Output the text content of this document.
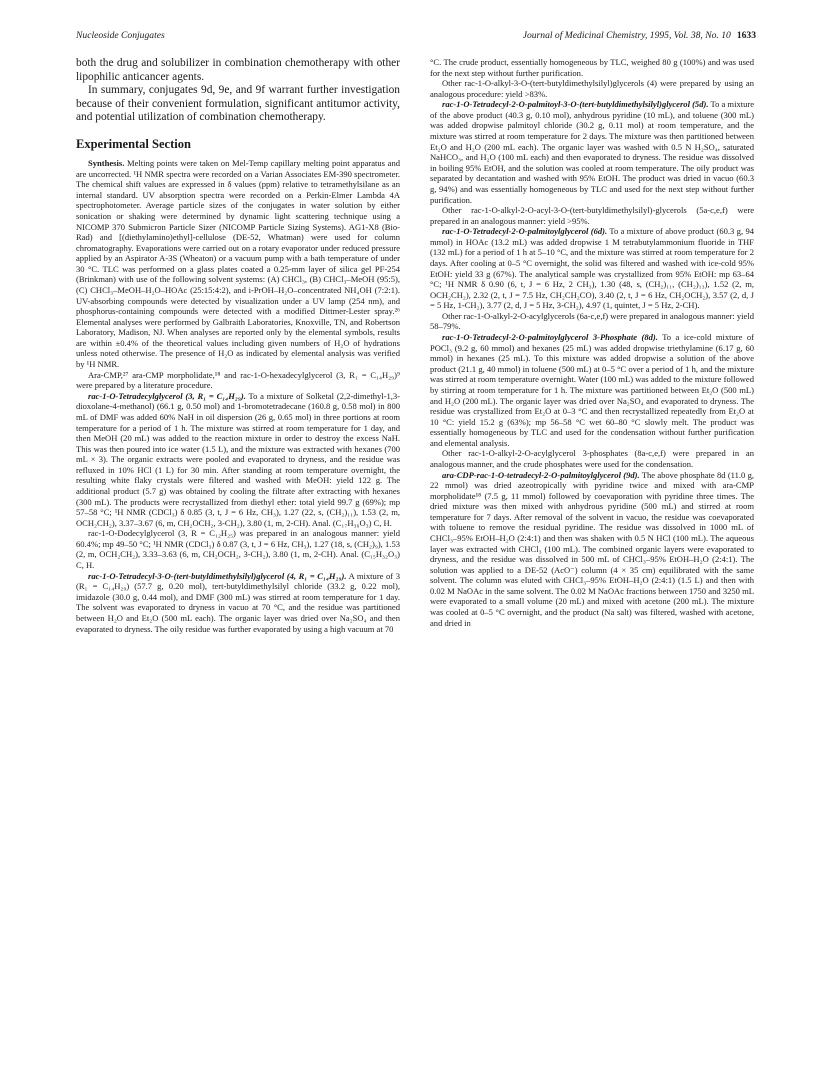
Nucleoside Conjugates	Journal of Medicinal Chemistry, 1995, Vol. 38, No. 10 1633

both the drug and solubilizer in combination chemotherapy with other lipophilic anticancer agents.

In summary, conjugates 9d, 9e, and 9f warrant further investigation because of their convenient formulation, significant antitumor activity, and potential utilization of combination chemotherapy.

Experimental Section

Synthesis. Melting points were taken on Mel-Temp capillary melting point apparatus and are uncorrected. ¹H NMR spectra were recorded on a Varian Associates EM-390 spectrometer. The chemical shift values are expressed in δ values (ppm) relative to tetramethylsilane as an internal standard. UV absorption spectra were recorded on a Perkin-Elmer Lambda 4A spectrophotometer. Average particle sizes of the conjugates in water solution by either sonication or shaking were determined by dynamic light scattering technique using a NICOMP 370 Submicron Particle Sizer (NICOMP Particle Sizing Systems). AG1-X8 (Bio-Rad) and [(diethylamino)ethyl]-cellulose (DE-52, Whatman) were used for column chromatography. Evaporations were carried out on a rotary evaporator under reduced pressure applied by an Aspirator A-3S (Wheaton) or a vacuum pump with a bath temperature of under 30 °C. TLC was performed on a glass plates coated a 0.25-mm layer of silica gel PF-254 (Brinkman) with use of the following solvent systems: (A) CHCl₃, (B) CHCl₃–MeOH (95:5), (C) CHCl₃–MeOH–H₂O–HOAc (25:15:4:2), and i-PrOH–H₂O–concentrated NH₄OH (7:2:1). UV-absorbing compounds were detected by visualization under a UV lamp (254 nm), and phosphorus-containing compounds were detected with a modified Dittmer-Lester spray.²⁶ Elemental analyses were performed by Galbraith Laboratories, Knoxville, TN, and Robertson Laboratory, Madison, NJ. When analyses are reported only by the elemental symbols, results are within ±0.4% of the theoretical values including given numbers of H₂O of hydrations unless noted otherwise. The presence of H₂O as indicated by elemental analysis was verified by ¹H NMR.

Ara-CMP,²⁷ ara-CMP morpholidate,¹⁸ and rac-1-O-hexadecylglycerol (3, R₁ = C₁₄H₂₉)⁹ were prepared by a literature procedure.

rac-1-O-Tetradecylglycerol (3, R₁ = C₁₄H₂₉). To a mixture of Solketal (2,2-dimethyl-1,3-dioxolane-4-methanol) (66.1 g, 0.50 mol) and 1-bromotetradecane (160.8 g, 0.58 mol) in 800 mL of DMF was added 60% NaH in oil dispersion (26 g, 0.65 mol) in three portions at room temperature for a period of 1 h. The mixture was stirred at room temperature for 1 day, and then MeOH (20 mL) was added to the reaction mixture in order to destroy the excess NaH. This was then poured into ice water (1.5 L), and the mixture was extracted with hexanes (700 mL × 3). The organic extracts were pooled and evaporated to dryness, and the residue was refluxed in 10% HCl (1 L) for 30 min. After standing at room temperature overnight, the resulting white flaky crystals were filtered and washed with MeOH: yield 122 g. The additional product (5.7 g) was obtained by cooling the filtrate after extracting with hexanes (300 mL). The products were recrystallized from diethyl ether: total yield 99.7 g (69%); mp 57–58 °C; ¹H NMR (CDCl₃) δ 0.85 (3, t, J = 6 Hz, CH₃), 1.27 (22, s, (CH₂)₁₁), 1.53 (2, m, OCH₂CH₂), 3.37–3.67 (6, m, CH₂OCH₂, 3-CH₂), 3.80 (1, m, 2-CH). Anal. (C₁₇H₃₆O₃) C, H.

rac-1-O-Dodecylglycerol (3, R = C₁₂H₂₅) was prepared in an analogous manner: yield 60.4%; mp 49–50 °C; ¹H NMR (CDCl₃) δ 0.87 (3, t, J = 6 Hz, CH₃), 1.27 (18, s, (CH₂)₉), 1.53 (2, m, OCH₂CH₂), 3.33–3.63 (6, m, CH₂OCH₂, 3-CH₂), 3.80 (1, m, 2-CH). Anal. (C₁₅H₃₂O₃) C, H.

rac-1-O-Tetradecyl-3-O-(tert-butyldimethylsilyl)glycerol (4, R₁ = C₁₄H₂₉). A mixture of 3 (R₁ = C₁₄H₂₉) (57.7 g, 0.20 mol), tert-butyldimethylsilyl chloride (33.2 g, 0.22 mol), imidazole (30.0 g, 0.44 mol), and DMF (300 mL) was stirred at room temperature for 1 day. The solvent was evaporated to dryness in vacuo at 70 °C, and the residue was partitioned between H₂O and Et₂O (500 mL each). The organic layer was dried over Na₂SO₄ and then evaporated to dryness. The oily residue was further evaporated by using a high vacuum at 70

°C. The crude product, essentially homogeneous by TLC, weighed 80 g (100%) and was used for the next step without further purification.

Other rac-1-O-alkyl-3-O-(tert-butyldimethylsilyl)glycerols (4) were prepared by using an analogous procedure: yield >83%.

rac-1-O-Tetradecyl-2-O-palmitoyl-3-O-(tert-butyldimethylsilyl)glycerol (5d). To a mixture of the above product (40.3 g, 0.10 mol), anhydrous pyridine (10 mL), and toluene (300 mL) was added dropwise palmitoyl chloride (30.2 g, 0.11 mol) at room temperature, and the mixture was stirred at room temperature for 2 days. The mixture was then partitioned between Et₂O and H₂O (200 mL each). The organic layer was washed with 0.5 N H₂SO₄, saturated NaHCO₃, and H₂O (100 mL each) and then evaporated to dryness. The residue was dissolved in boiling 95% EtOH, and the solution was cooled at room temperature. The oily product was separated by decantation and washed with 95% EtOH. The product was dried in vacuo (60.3 g, 94%) and was essentially homogeneous by TLC and used for the next step without further purification.

Other rac-1-O-alkyl-2-O-acyl-3-O-(tert-butyldimethylsilyl)-glycerols (5a-c,e,f) were prepared in an analogous manner: yield >95%.

rac-1-O-Tetradecyl-2-O-palmitoylglycerol (6d). To a mixture of above product (60.3 g, 94 mmol) in HOAc (13.2 mL) was added dropwise 1 M tetrabutylammonium fluoride in THF (132 mL) for a period of 1 h at 5–10 °C, and the mixture was stirred at room temperature for 2 days. After cooling at 0–5 °C overnight, the solid was filtered and washed with ice-cold 95% EtOH: yield 33 g (67%). The analytical sample was crystallized from 95% EtOH: mp 63–64 °C; ¹H NMR δ 0.90 (6, t, J = 6 Hz, 2 CH₃), 1.30 (48, s, (CH₂)₁₁, (CH₂)₁₃), 1.52 (2, m, OCH₂CH₂), 2.32 (2, t, J = 7.5 Hz, CH₂CH₂CO), 3.40 (2, t, J = 6 Hz, CH₂OCH₂), 3.57 (2, d, J = 5 Hz, 1-CH₂), 3.77 (2, d, J = 5 Hz, 3-CH₂), 4.97 (1, quintet, J = 5 Hz, 2-CH).

Other rac-1-O-alkyl-2-O-acylglycerols (6a-c,e,f) were prepared in analogous manner: yield 58–79%.

rac-1-O-Tetradecyl-2-O-palmitoylglycerol 3-Phosphate (8d). To a ice-cold mixture of POCl₃ (9.2 g, 60 mmol) and hexanes (25 mL) was added dropwise triethylamine (6.17 g, 60 mmol) in hexanes (25 mL). To this mixture was added dropwise a solution of the above product (21.1 g, 40 mmol) in toluene (500 mL) at 0–5 °C over a period of 1 h, and the mixture was stirred at room temperature overnight. Water (100 mL) was added to the mixture followed by stirring at room temperature for 1 h. The mixture was partitioned between Et₂O (500 mL) and H₂O (200 mL). The organic layer was dried over Na₂SO₄ and evaporated to dryness. The residue was crystallized from Et₂O at 0–3 °C and then recrystallized repeatedly from Et₂O at 10 °C: yield 15.2 g (63%); mp 56–58 °C wet 60–80 °C slowly melt. The product was essentially homogeneous by TLC and used for the condensation without further purification and elemental analysis.

Other rac-1-O-alkyl-2-O-acylglycerol 3-phosphates (8a-c,e,f) were prepared in an analogous manner, and the crude phosphates were used for the condensation.

ara-CDP-rac-1-O-tetradecyl-2-O-palmitoylglycerol (9d). The above phosphate 8d (11.0 g, 22 mmol) was dried azeotropically with pyridine twice and mixed with ara-CMP morpholidate¹⁸ (7.5 g, 11 mmol) followed by coevaporation with pyridine three times. The dried mixture was then mixed with anhydrous pyridine (500 mL) and stirred at room temperature for 7 days. After removal of the solvent in vacuo, the residue was coevaporated with toluene to remove the residual pyridine. The residue was dissolved in 1000 mL of CHCl₃–95% EtOH–H₂O (2:4:1) and then was shaken with 0.5 N HCl (100 mL). The aqueous layer was extracted with CHCl₃ (100 mL). The combined organic layers were evaporated to dryness, and the residue was dissolved in 500 mL of CHCl₃–95% EtOH–H₂O (2:4:1). The solution was applied to a DE-52 (AcO⁻) column (4 × 35 cm) equilibrated with the same solvent. The column was eluted with CHCl₃–95% EtOH–H₂O (2:4:1) (1.5 L) and then with 0.02 M NaOAc in the same solvent. The 0.02 M NaOAc fractions between 1750 and 3250 mL were evaporated to a small volume (20 mL) and mixed with acetone (200 mL). The mixture was cooled at 0–5 °C overnight, and the product (Na salt) was filtered, washed with acetone, and dried in
